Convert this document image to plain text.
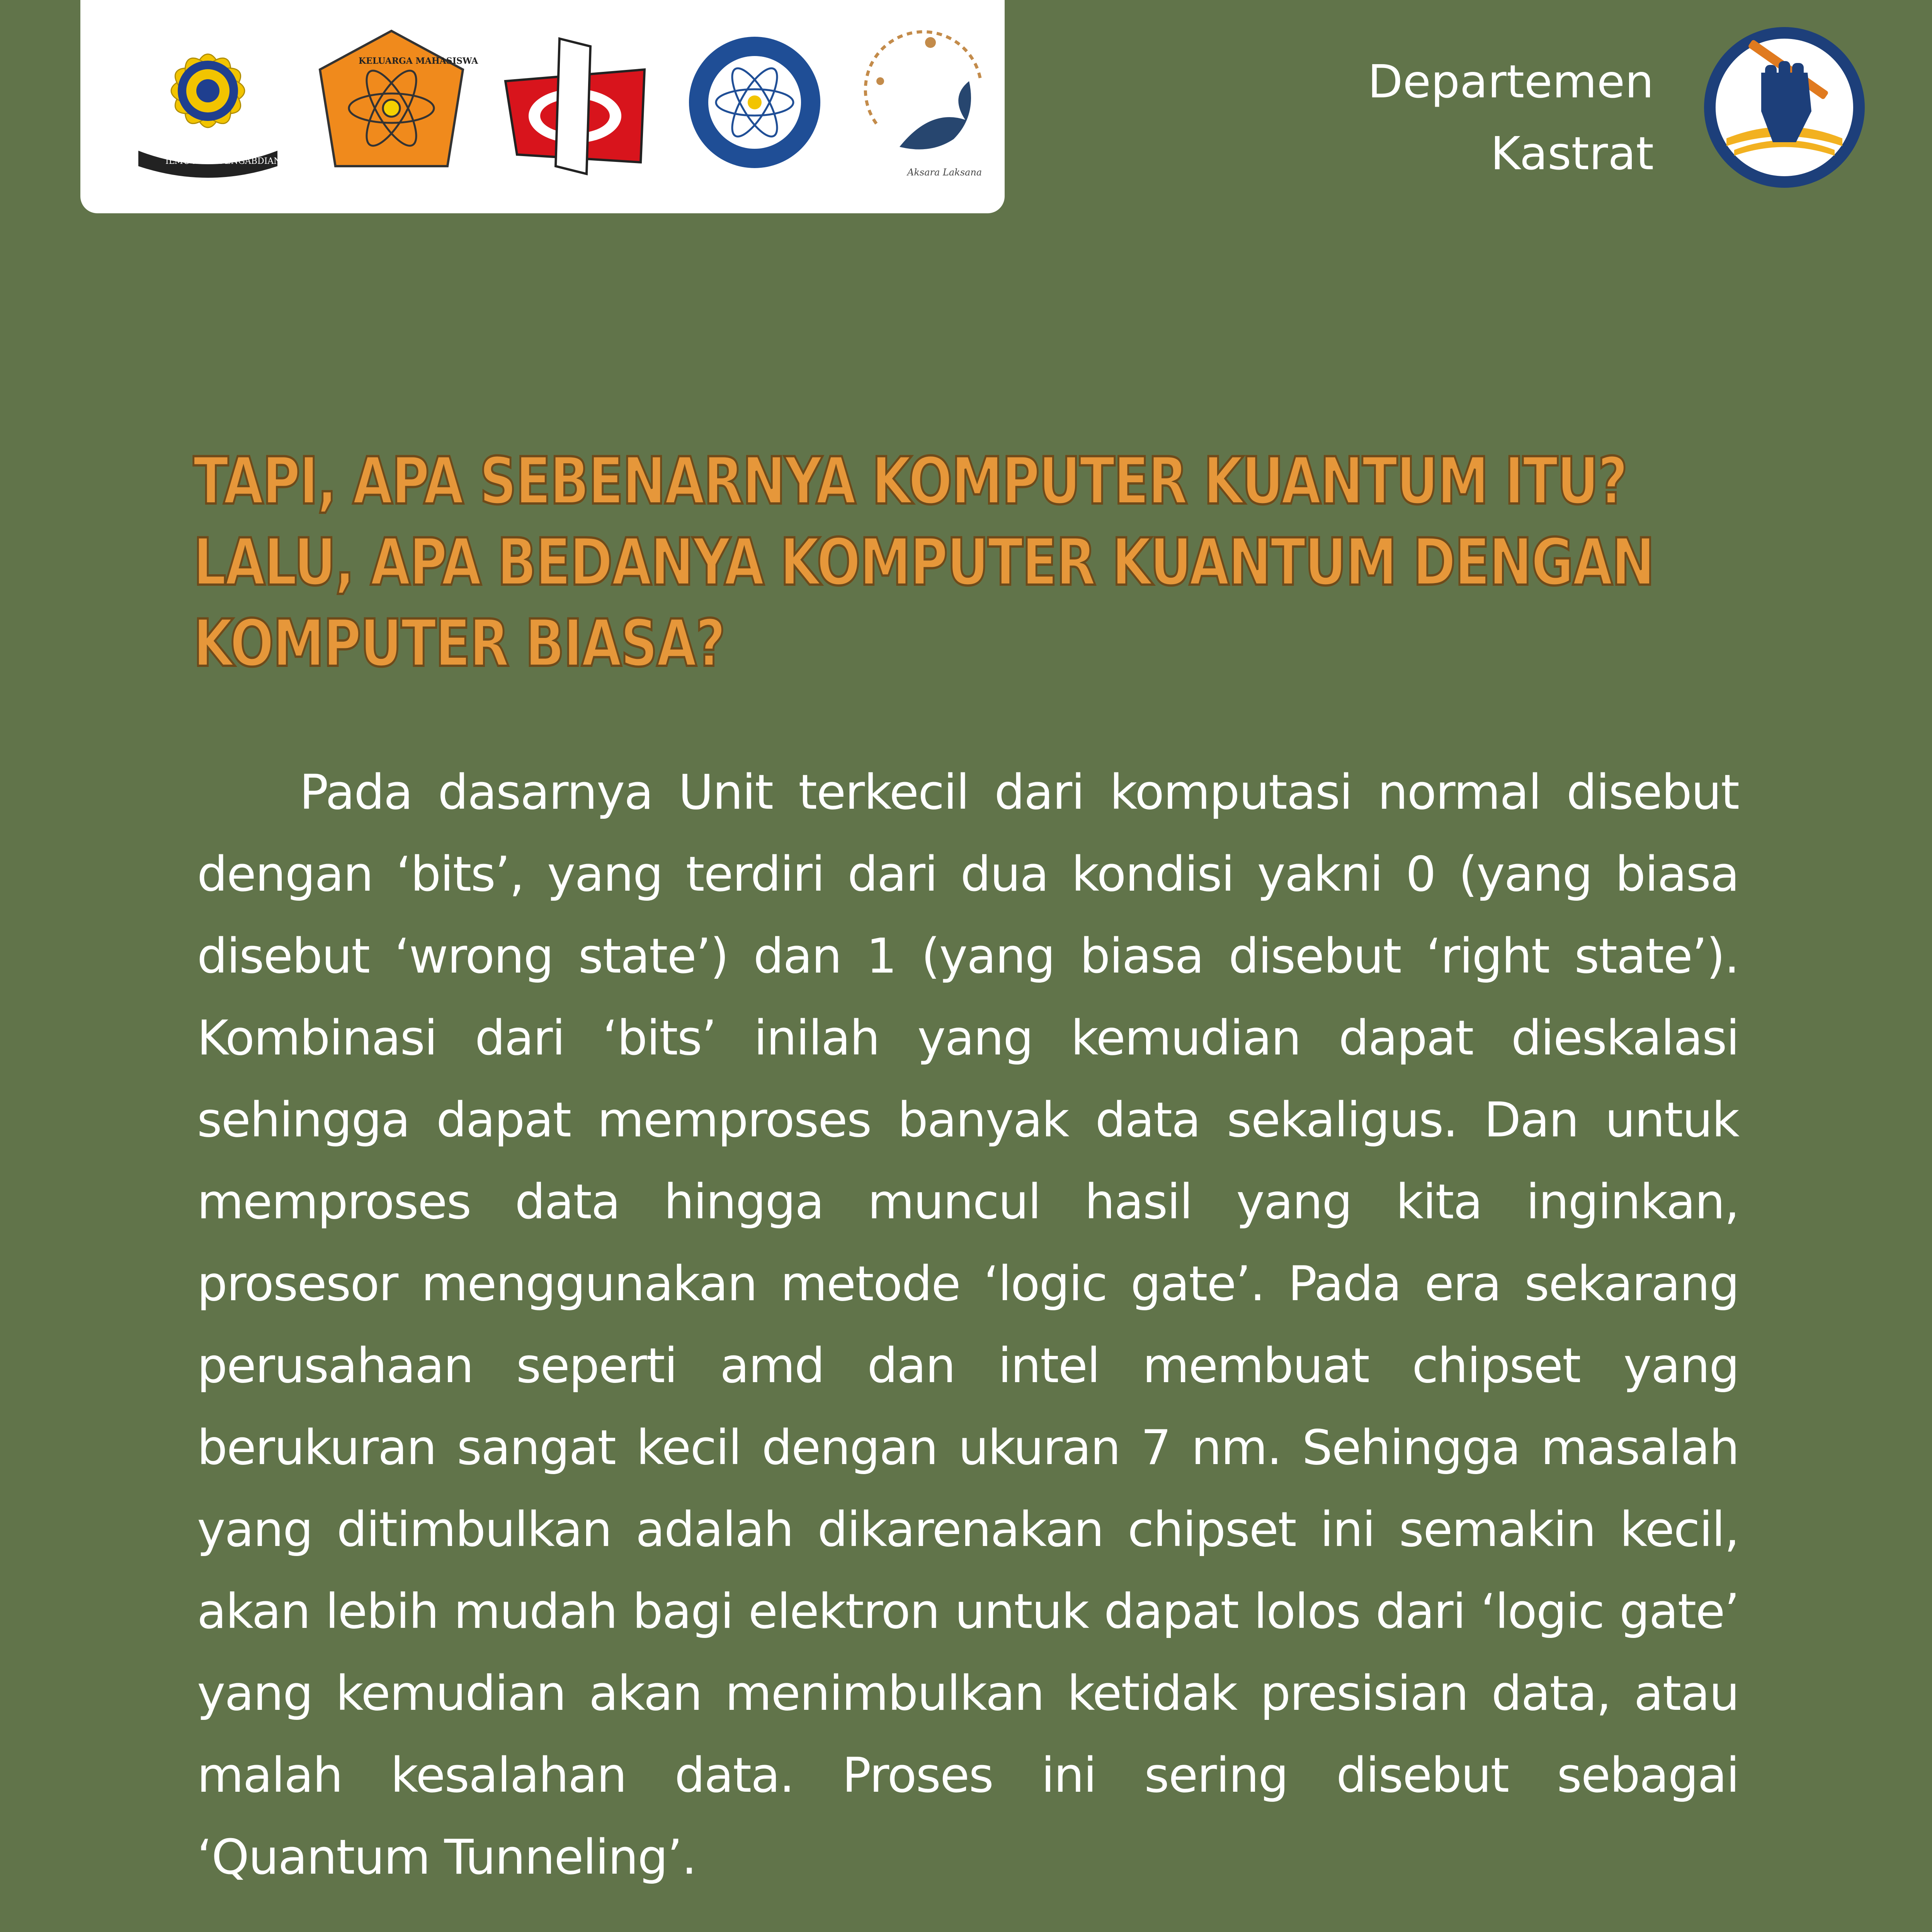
ILMU ALAT PENGABDIAN
KELUARGA MAHASISWA
Aksara Laksana
Departemen
Kastrat
TAPI, APA SEBENARNYA KOMPUTER KUANTUM ITU? LALU, APA BEDANYA KOMPUTER KUANTUM DENGAN KOMPUTER BIASA?

Pada dasarnya Unit terkecil dari komputasi normal disebut dengan ‘bits’, yang terdiri dari dua kondisi yakni 0 (yang biasa disebut ‘wrong state’) dan 1 (yang biasa disebut ‘right state’). Kombinasi dari ‘bits’ inilah yang kemudian dapat dieskalasi sehingga dapat memproses banyak data sekaligus. Dan untuk memproses data hingga muncul hasil yang kita inginkan, prosesor menggunakan metode ‘logic gate’. Pada era sekarang perusahaan seperti amd dan intel membuat chipset yang berukuran sangat kecil dengan ukuran 7 nm. Sehingga masalah yang ditimbulkan adalah dikarenakan chipset ini semakin kecil, akan lebih mudah bagi elektron untuk dapat lolos dari ‘logic gate’ yang kemudian akan menimbulkan ketidak presisian data, atau malah kesalahan data. Proses ini sering disebut sebagai ‘Quantum Tunneling’.
